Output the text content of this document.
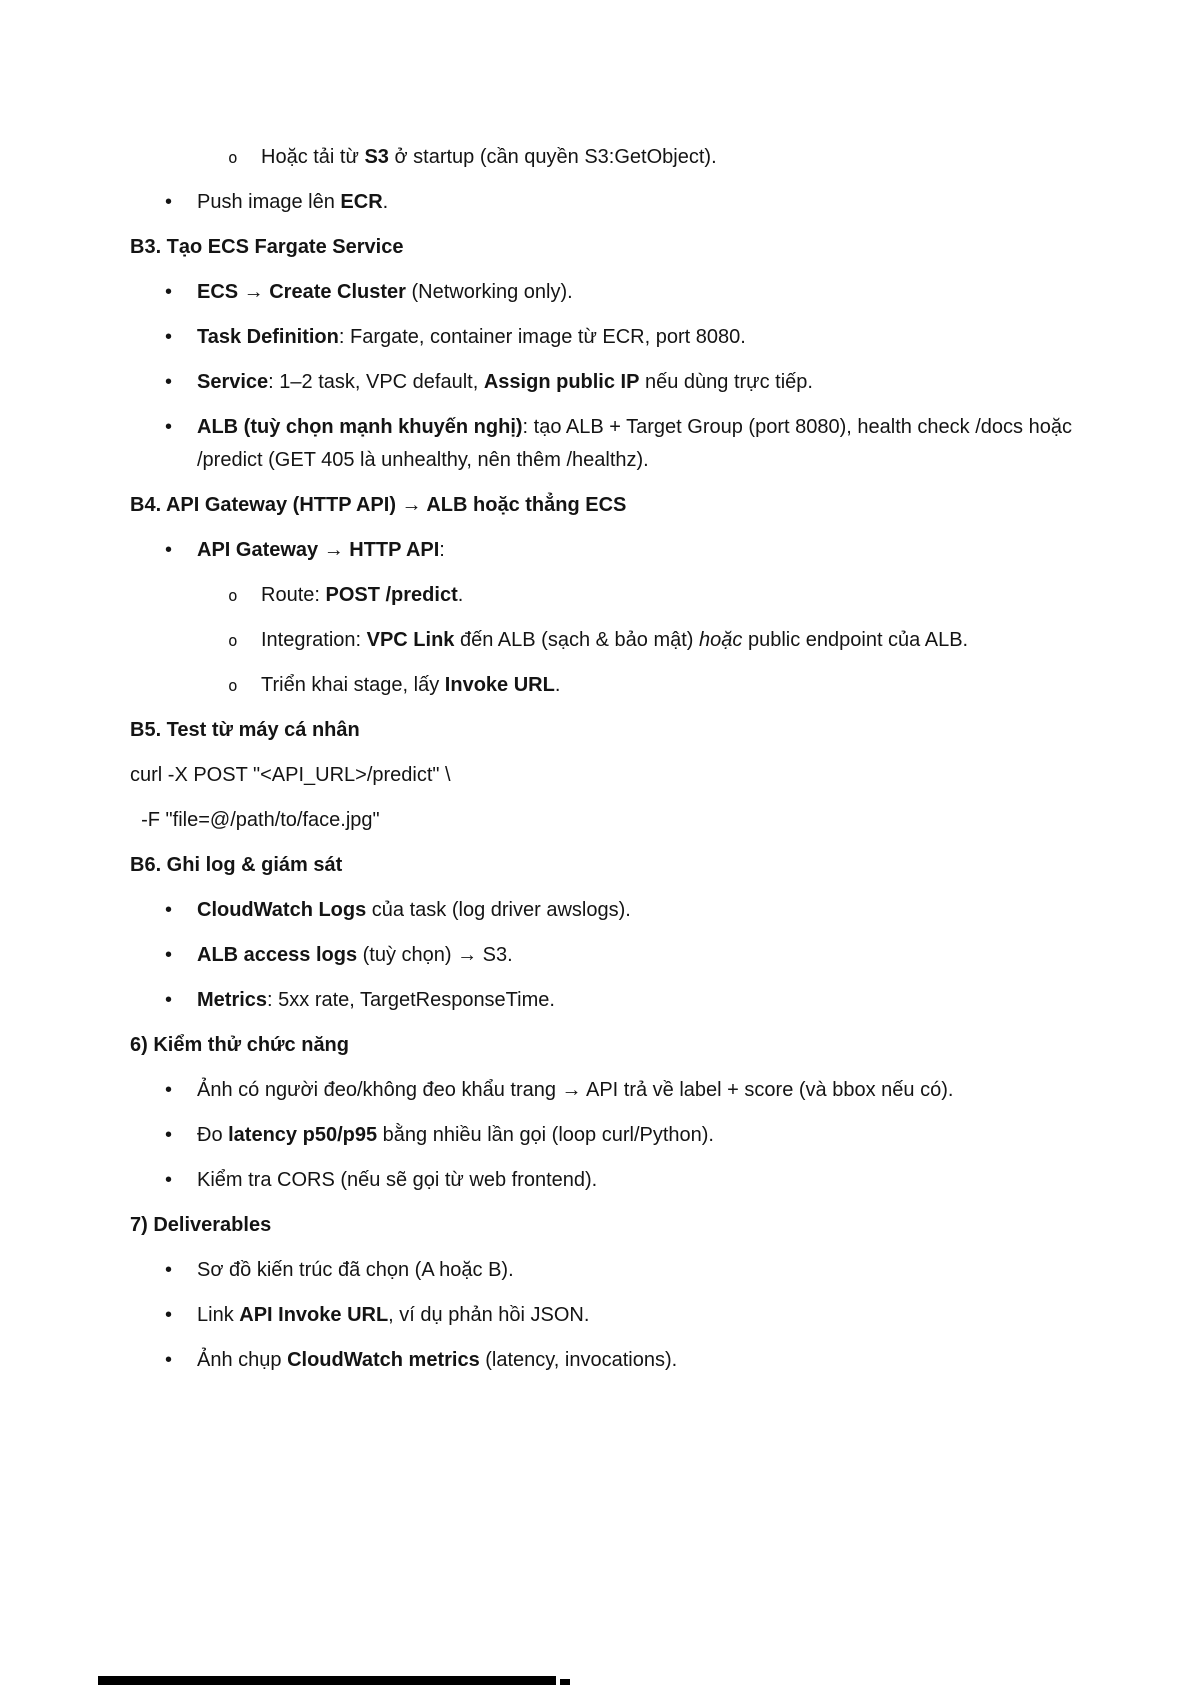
o	Hoặc tải từ S3 ở startup (cần quyền S3:GetObject).
•	Push image lên ECR.
B3. Tạo ECS Fargate Service
•	ECS → Create Cluster (Networking only).
•	Task Definition: Fargate, container image từ ECR, port 8080.
•	Service: 1–2 task, VPC default, Assign public IP nếu dùng trực tiếp.
•	ALB (tuỳ chọn mạnh khuyến nghị): tạo ALB + Target Group (port 8080), health check /docs hoặc /predict (GET 405 là unhealthy, nên thêm /healthz).
B4. API Gateway (HTTP API) → ALB hoặc thẳng ECS
•	API Gateway → HTTP API:
o	Route: POST /predict.
o	Integration: VPC Link đến ALB (sạch & bảo mật) hoặc public endpoint của ALB.
o	Triển khai stage, lấy Invoke URL.
B5. Test từ máy cá nhân
curl -X POST "<API_URL>/predict" \
-F "file=@/path/to/face.jpg"
B6. Ghi log & giám sát
•	CloudWatch Logs của task (log driver awslogs).
•	ALB access logs (tuỳ chọn) → S3.
•	Metrics: 5xx rate, TargetResponseTime.
6) Kiểm thử chức năng
•	Ảnh có người đeo/không đeo khẩu trang → API trả về label + score (và bbox nếu có).
•	Đo latency p50/p95 bằng nhiều lần gọi (loop curl/Python).
•	Kiểm tra CORS (nếu sẽ gọi từ web frontend).
7) Deliverables
•	Sơ đồ kiến trúc đã chọn (A hoặc B).
•	Link API Invoke URL, ví dụ phản hồi JSON.
•	Ảnh chụp CloudWatch metrics (latency, invocations).
